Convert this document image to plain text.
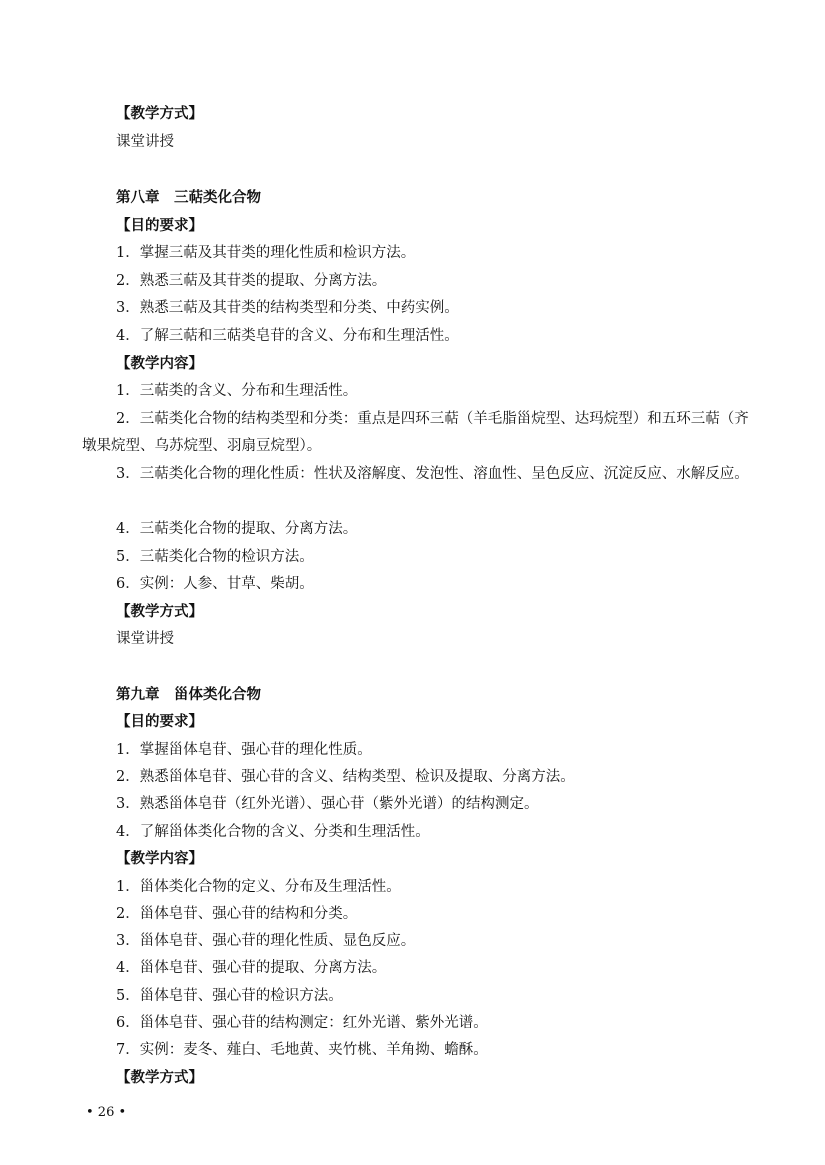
【教学方式】
课堂讲授
第八章　三萜类化合物
【目的要求】
1．掌握三萜及其苷类的理化性质和检识方法。
2．熟悉三萜及其苷类的提取、分离方法。
3．熟悉三萜及其苷类的结构类型和分类、中药实例。
4．了解三萜和三萜类皂苷的含义、分布和生理活性。
【教学内容】
1．三萜类的含义、分布和生理活性。
2．三萜类化合物的结构类型和分类：重点是四环三萜（羊毛脂甾烷型、达玛烷型）和五环三萜（齐墩果烷型、乌苏烷型、羽扇豆烷型）。
3．三萜类化合物的理化性质：性状及溶解度、发泡性、溶血性、呈色反应、沉淀反应、水解反应。
4．三萜类化合物的提取、分离方法。
5．三萜类化合物的检识方法。
6．实例：人参、甘草、柴胡。
【教学方式】
课堂讲授
第九章　甾体类化合物
【目的要求】
1．掌握甾体皂苷、强心苷的理化性质。
2．熟悉甾体皂苷、强心苷的含义、结构类型、检识及提取、分离方法。
3．熟悉甾体皂苷（红外光谱）、强心苷（紫外光谱）的结构测定。
4．了解甾体类化合物的含义、分类和生理活性。
【教学内容】
1．甾体类化合物的定义、分布及生理活性。
2．甾体皂苷、强心苷的结构和分类。
3．甾体皂苷、强心苷的理化性质、显色反应。
4．甾体皂苷、强心苷的提取、分离方法。
5．甾体皂苷、强心苷的检识方法。
6．甾体皂苷、强心苷的结构测定：红外光谱、紫外光谱。
7．实例：麦冬、薤白、毛地黄、夹竹桃、羊角拗、蟾酥。
【教学方式】
• 26 •
